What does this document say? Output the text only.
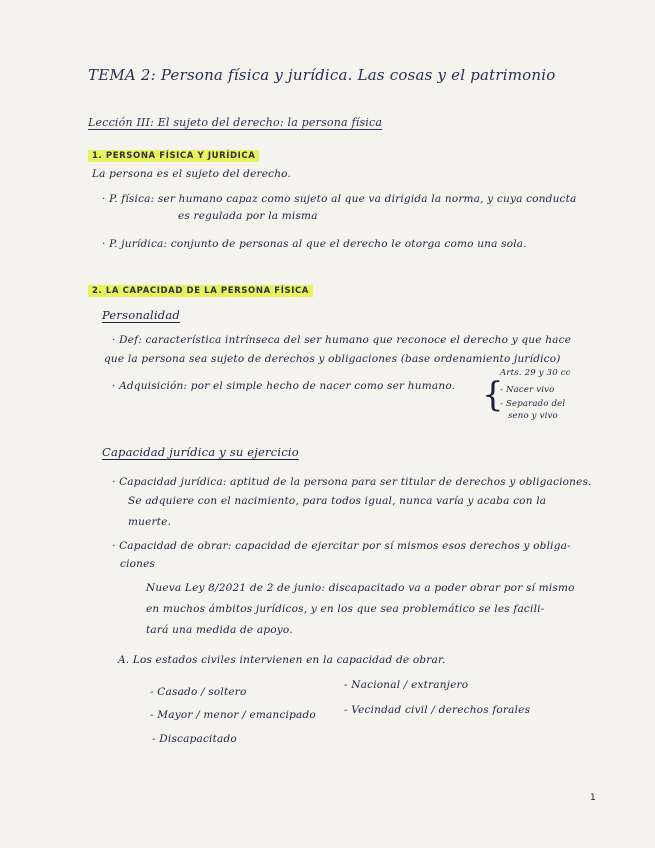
TEMA 2: Persona física y jurídica. Las cosas y el patrimonio
Lección III: El sujeto del derecho: la persona física
1. PERSONA FÍSICA Y JURÍDICA
La persona es el sujeto del derecho.
· P. física: ser humano capaz como sujeto al que va dirigida la norma, y cuya conducta
es regulada por la misma
· P. jurídica: conjunto de personas al que el derecho le otorga como una sola.
2. LA CAPACIDAD DE LA PERSONA FÍSICA
Personalidad
· Def: característica intrínseca del ser humano que reconoce el derecho y que hace
que la persona sea sujeto de derechos y obligaciones (base ordenamiento jurídico)
· Adquisición: por el simple hecho de nacer como ser humano.
Arts. 29 y 30 cc
{
- Nacer vivo
- Separado del
seno y vivo
Capacidad jurídica y su ejercicio
· Capacidad jurídica: aptitud de la persona para ser titular de derechos y obligaciones.
Se adquiere con el nacimiento, para todos igual, nunca varía y acaba con la
muerte.
· Capacidad de obrar: capacidad de ejercitar por sí mismos esos derechos y obliga-
ciones
Nueva Ley 8/2021 de 2 de junio: discapacitado va a poder obrar por sí mismo
en muchos ámbitos jurídicos, y en los que sea problemático se les facili-
tará una medida de apoyo.
A. Los estados civiles intervienen en la capacidad de obrar.
- Casado / soltero
- Nacional / extranjero
- Mayor / menor / emancipado	- Vecindad civil / derechos forales
- Discapacitado
1
